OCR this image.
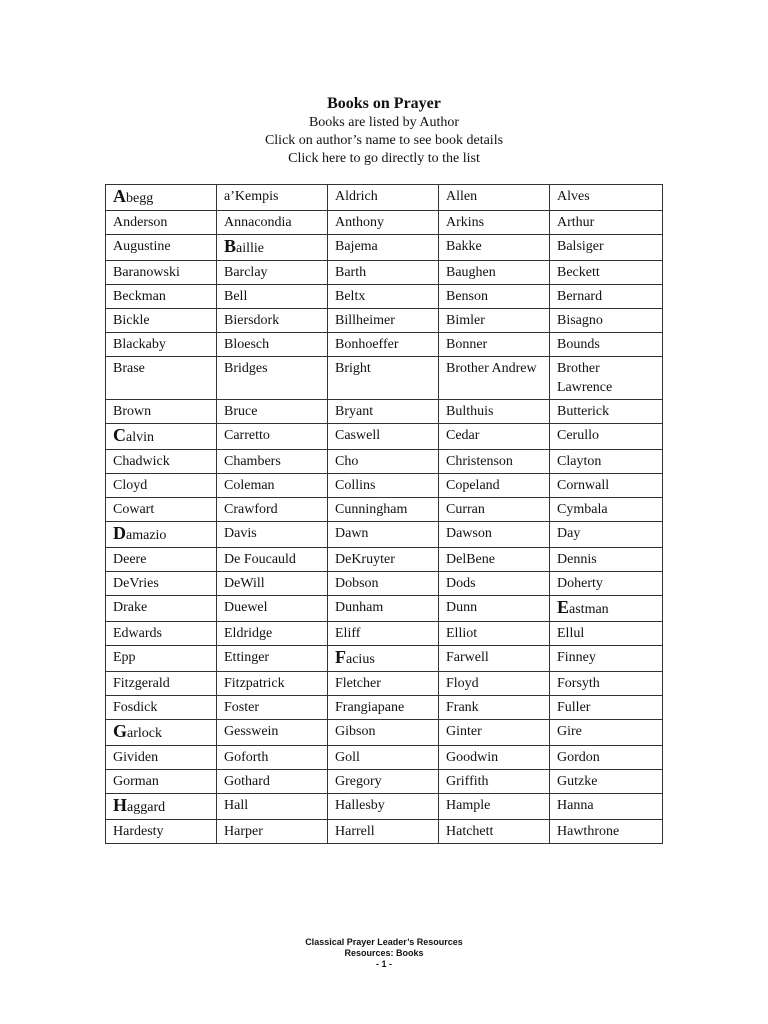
Books on Prayer
Books are listed by Author
Click on author’s name to see book details
Click here to go directly to the list
Abegg	a’Kempis	Aldrich	Allen	Alves
Anderson	Annacondia	Anthony	Arkins	Arthur
Augustine	Baillie	Bajema	Bakke	Balsiger
Baranowski	Barclay	Barth	Baughen	Beckett
Beckman	Bell	Beltx	Benson	Bernard
Bickle	Biersdork	Billheimer	Bimler	Bisagno
Blackaby	Bloesch	Bonhoeffer	Bonner	Bounds
Brase	Bridges	Bright	Brother Andrew	Brother Lawrence
Brown	Bruce	Bryant	Bulthuis	Butterick
Calvin	Carretto	Caswell	Cedar	Cerullo
Chadwick	Chambers	Cho	Christenson	Clayton
Cloyd	Coleman	Collins	Copeland	Cornwall
Cowart	Crawford	Cunningham	Curran	Cymbala
Damazio	Davis	Dawn	Dawson	Day
Deere	De Foucauld	DeKruyter	DelBene	Dennis
DeVries	DeWill	Dobson	Dods	Doherty
Drake	Duewel	Dunham	Dunn	Eastman
Edwards	Eldridge	Eliff	Elliot	Ellul
Epp	Ettinger	Facius	Farwell	Finney
Fitzgerald	Fitzpatrick	Fletcher	Floyd	Forsyth
Fosdick	Foster	Frangiapane	Frank	Fuller
Garlock	Gesswein	Gibson	Ginter	Gire
Gividen	Goforth	Goll	Goodwin	Gordon
Gorman	Gothard	Gregory	Griffith	Gutzke
Haggard	Hall	Hallesby	Hample	Hanna
Hardesty	Harper	Harrell	Hatchett	Hawthrone
Classical Prayer Leader’s Resources
Resources: Books
- 1 -
